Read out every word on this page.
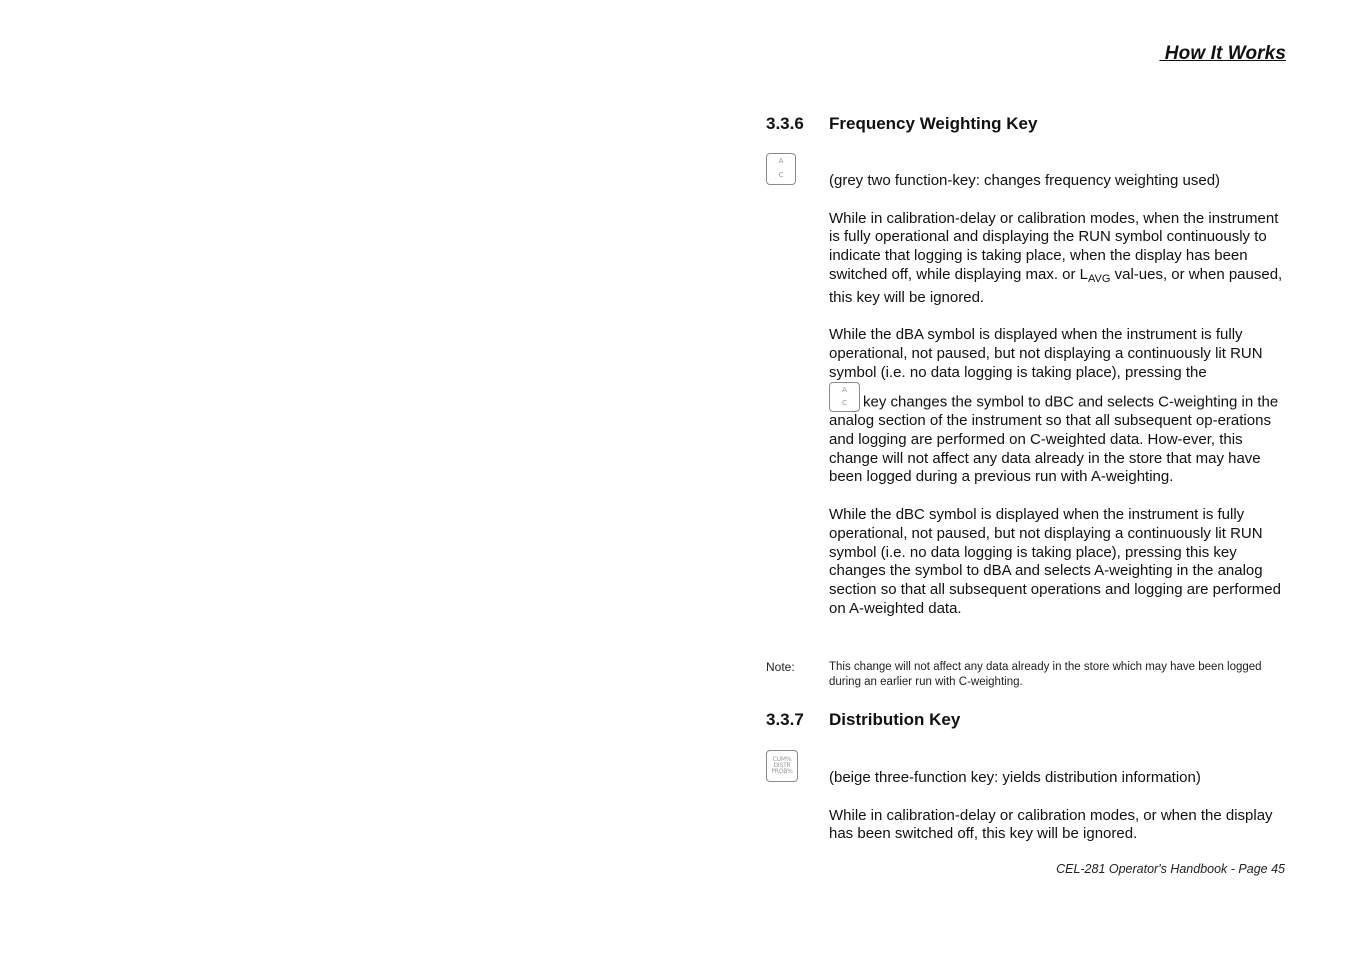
How It Works
3.3.6 Frequency Weighting Key
A
C	(grey two function-key: changes frequency weighting used)

While in calibration-delay or calibration modes, when the instrument is fully operational and displaying the RUN symbol continuously to indicate that logging is taking place, when the display has been switched off, while displaying max. or $L_{AVG}$ val-ues, or when paused, this key will be ignored.

While the dBA symbol is displayed when the instrument is fully operational, not paused, but not displaying a continuously lit RUN symbol (i.e. no data logging is taking place), pressing the

A
C key changes the symbol to dBC and selects C-weighting in the analog section of the instrument so that all subsequent op-erations and logging are performed on C-weighted data. How-ever, this change will not affect any data already in the store that may have been logged during a previous run with A-weighting.

While the dBC symbol is displayed when the instrument is fully operational, not paused, but not displaying a continuously lit RUN symbol (i.e. no data logging is taking place), pressing this key changes the symbol to dBA and selects A-weighting in the analog section so that all subsequent operations and logging are performed on A-weighted data.

Note:	This change will not affect any data already in the store which may have been logged during an earlier run with C-weighting.
3.3.7 Distribution Key
CUM%
DISTR
PROB% (beige three-function key: yields distribution information)

While in calibration-delay or calibration modes, or when the display has been switched off, this key will be ignored.

CEL-281 Operator's Handbook - Page 45
